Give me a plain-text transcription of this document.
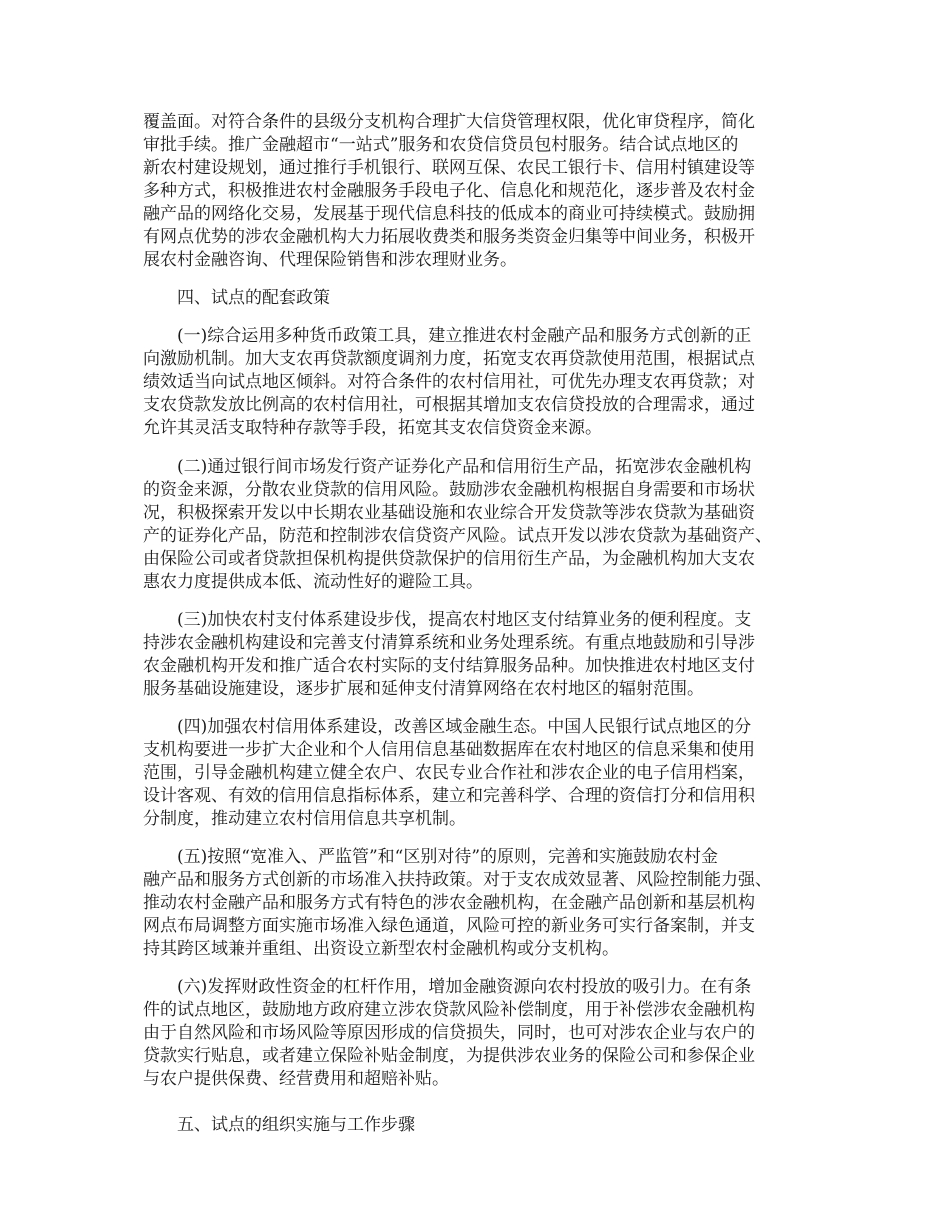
覆盖面。对符合条件的县级分支机构合理扩大信贷管理权限，优化审贷程序，简化
审批手续。推广金融超市“一站式”服务和农贷信贷员包村服务。结合试点地区的
新农村建设规划，通过推行手机银行、联网互保、农民工银行卡、信用村镇建设等
多种方式，积极推进农村金融服务手段电子化、信息化和规范化，逐步普及农村金
融产品的网络化交易，发展基于现代信息科技的低成本的商业可持续模式。鼓励拥
有网点优势的涉农金融机构大力拓展收费类和服务类资金归集等中间业务，积极开
展农村金融咨询、代理保险销售和涉农理财业务。
四、试点的配套政策
(一)综合运用多种货币政策工具，建立推进农村金融产品和服务方式创新的正
向激励机制。加大支农再贷款额度调剂力度，拓宽支农再贷款使用范围，根据试点
绩效适当向试点地区倾斜。对符合条件的农村信用社，可优先办理支农再贷款；对
支农贷款发放比例高的农村信用社，可根据其增加支农信贷投放的合理需求，通过
允许其灵活支取特种存款等手段，拓宽其支农信贷资金来源。
(二)通过银行间市场发行资产证券化产品和信用衍生产品，拓宽涉农金融机构
的资金来源，分散农业贷款的信用风险。鼓励涉农金融机构根据自身需要和市场状
况，积极探索开发以中长期农业基础设施和农业综合开发贷款等涉农贷款为基础资
产的证券化产品，防范和控制涉农信贷资产风险。试点开发以涉农贷款为基础资产、
由保险公司或者贷款担保机构提供贷款保护的信用衍生产品，为金融机构加大支农
惠农力度提供成本低、流动性好的避险工具。
(三)加快农村支付体系建设步伐，提高农村地区支付结算业务的便利程度。支
持涉农金融机构建设和完善支付清算系统和业务处理系统。有重点地鼓励和引导涉
农金融机构开发和推广适合农村实际的支付结算服务品种。加快推进农村地区支付
服务基础设施建设，逐步扩展和延伸支付清算网络在农村地区的辐射范围。
(四)加强农村信用体系建设，改善区域金融生态。中国人民银行试点地区的分
支机构要进一步扩大企业和个人信用信息基础数据库在农村地区的信息采集和使用
范围，引导金融机构建立健全农户、农民专业合作社和涉农企业的电子信用档案，
设计客观、有效的信用信息指标体系，建立和完善科学、合理的资信打分和信用积
分制度，推动建立农村信用信息共享机制。
(五)按照“宽准入、严监管”和“区别对待”的原则，完善和实施鼓励农村金
融产品和服务方式创新的市场准入扶持政策。对于支农成效显著、风险控制能力强、
推动农村金融产品和服务方式有特色的涉农金融机构，在金融产品创新和基层机构
网点布局调整方面实施市场准入绿色通道，风险可控的新业务可实行备案制，并支
持其跨区域兼并重组、出资设立新型农村金融机构或分支机构。
(六)发挥财政性资金的杠杆作用，增加金融资源向农村投放的吸引力。在有条
件的试点地区，鼓励地方政府建立涉农贷款风险补偿制度，用于补偿涉农金融机构
由于自然风险和市场风险等原因形成的信贷损失，同时，也可对涉农企业与农户的
贷款实行贴息，或者建立保险补贴金制度，为提供涉农业务的保险公司和参保企业
与农户提供保费、经营费用和超赔补贴。
五、试点的组织实施与工作步骤
